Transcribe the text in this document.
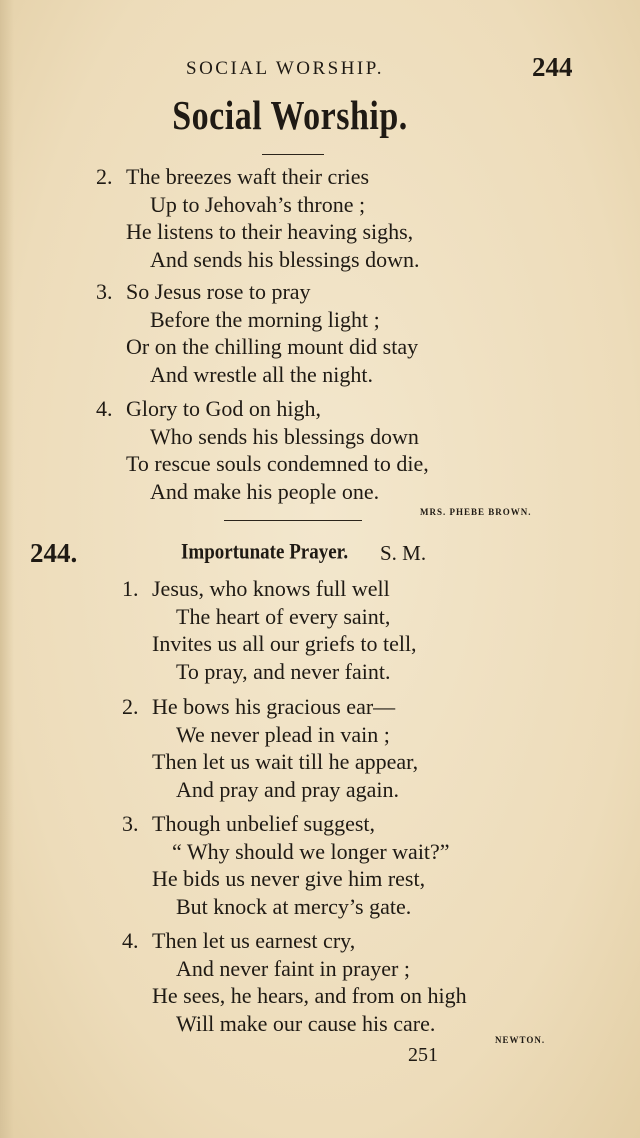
SOCIAL WORSHIP.	244
Social Worship.
2. The breezes waft their cries
Up to Jehovah’s throne ;
He listens to their heaving sighs,
And sends his blessings down.
3. So Jesus rose to pray
Before the morning light ;
Or on the chilling mount did stay
And wrestle all the night.
4. Glory to God on high,
Who sends his blessings down
To rescue souls condemned to die,
And make his people one.
MRS. PHEBE BROWN.
244.	Importunate Prayer. S. M.
1. Jesus, who knows full well
The heart of every saint,
Invites us all our griefs to tell,
To pray, and never faint.
2. He bows his gracious ear—
We never plead in vain ;
Then let us wait till he appear,
And pray and pray again.
3. Though unbelief suggest,
“ Why should we longer wait?”
He bids us never give him rest,
But knock at mercy’s gate.
4. Then let us earnest cry,
And never faint in prayer ;
He sees, he hears, and from on high
Will make our cause his care.
NEWTON.
251
